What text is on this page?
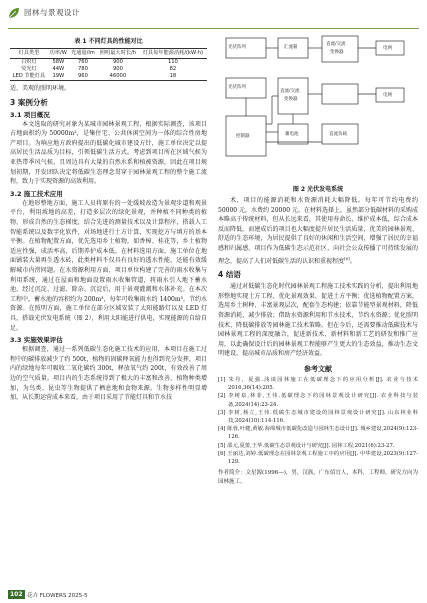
园林与景观设计
表 1 不同灯具的性能对比
灯具类型	功率/W	光通量/lm	照明最大时长/h	灯具每年能源消耗/(kW·h)
白炽灯	58W	760	900	110
荧光灯	44W	780	900	82
LED 节能灯具	19W	960	46000	18

适、美观的照明环境。

3 案例分析
3.1 项目概况

本文选取的研究对象为某城市园林景观工程，根据实际调查，该项目占地面积约为 50000m²，是集住宅、公共休闲空间为一体的综合性房地产项目。为响应地方政府提出的低碳化城市建设方针，施工单位决定以提高居民生活品质为目标，引领低碳生活方式。考虑到项目所在区域气候为亚热带季风气候，且周边具有大量的自然水系和植被资源，因此在项目规划初期，开发团队决定将低碳生态理念贯穿于园林景观工程的整个施工流程，致力于实现资源的高效利用。

3.2 施工技术应用

在地形整地方面，施工人员将原有的一处缓坡改造为景观步道和观景平台，利用坡地的高差，打造多层次的绿化景观，并种植不同种类的植物，形成自然的生态梯度，结合先进的测量技术以及计算程序，搭载人工智能系统以及数字化软件，对场地进行土方计算，实现挖方与填方的基本平衡。在植物配置方面，优先选用乡土植物，如香樟、桂花等，乡土植物适应性强，成活率高，后期养护成本低。在材料选用方面，施工单位在地面铺装大量再生透水砖，此类材料不仅具有良好的透水性能，还能有效缓解城市内涝问题。在水资源利用方面，项目单位构建了完善的雨水收集与利用系统，通过在屋面和地面设置雨水收集管道，将雨水引入地下蓄水池，经过沉淀、过滤、除杂、沉淀后，用于景观灌溉和水体补充。在本次工程中，蓄水池的容积约为 200m³，每年可收集雨水约 1400m³，节约水资源。在照明方面，施工单位在部分区域安装了太阳能路灯以及 LED 灯具，搭载光伏发电系统（图 2），利用太阳能进行供电，实现能源的自给自足。

3.3 实施效果评估

根据调查，通过一系列低碳生态化施工技术的应用，本项目在施工过程中的碳排放减少了约 500t，植物的固碳释氧能力也得到充分发挥，项目内的绿地每年可吸收二氧化碳约 300t，释放氧气约 200t，有效改善了周边的空气质量。项目内的生态系统得到了极大的丰富和改善，植物种类增加，为鸟类、昆虫等生物提供了栖息地和食物来源。生物多样性明显增加，从长期运营成本来看，由于项目采用了节能灯具和节水技

光伏阵列	汇流箱
直流/交流
变换器
电网
光伏阵列
控制器
直流/交流
变换器
蓄电池	直流负载
电网
图 2 光伏发电系统

术，项目的能源消耗和水资源消耗大幅降低。每年可节约电费约 50000 元，水费约 20000 元。在材料选择上，虽然部分低碳材料的采购成本略高于传统材料，但从长远来看，其使用寿命长、维护成本低，综合成本反而降低。而建成后的项目也大幅度提升居民生活质量，优美的园林景观、舒适的生态环境，为居民提供了良好的休闲和生活空间，增强了居民的幸福感和归属感。项目作为低碳生态示范社区，向社会公众传播了可持续发展的理念，提高了人们对低碳生活的认识和重视程度[6]。

4 结语

通过对低碳生态化时代园林景观工程施工技术实践的分析，提出利用地形整地实现土方工程、优化景观效果，促进土方平衡；优选植物配置方案，选用乡土树种、丰富景观层次，配套生态构建；依靠节能型景观材料，降低资源消耗，减少排放；借助水资源利用和节水技术，节约水资源；优化照明技术，降低碳排放等园林施工技术策略。但在今后，还需要推动低碳技术与园林景观工程的深度融合，促进新技术、新材料和新工艺的研发和推广应用，以此确保设计后的园林景观工程能够产生更大的生态效益，推动生态文明建设，提高城市品质和房产经济效益。

参考文献

[1] 朱丹，夏强.浅谈园林施工在低碳理念下的应用分析[J]. 农业与技术 2016,36(14):205.

[2] 李树泉,林菲,王伟.低碳理念下的园林景观设计研究[J]. 农业科技与装备,2024(14):23-24.

[3] 李树,杨立,王伟.低碳生态城市建设的园林景观设计研究[J]. 山东林业科技,2024(10):114-116.

[4] 陈蓉,叶健,黄敏.海绵城市低碳化改造与园林生态设计[J]. 城乡建设,2024(9):123-126.

[5] 邵元,夏蕾,王华.低碳生态景观设计与研究[J]. 园林工程,2021(6):23-27.

[6] 王丽达,刘婷.低碳理念在园林景观工程施工中的应用[J]. 中华建设,2023(9):127-129.

作者简介：文星源(1996—)，男，汉族，广东佰宜人，本科，工程师，研究方向为园林施工。

102 花卉 FLOWERS 2025-5
